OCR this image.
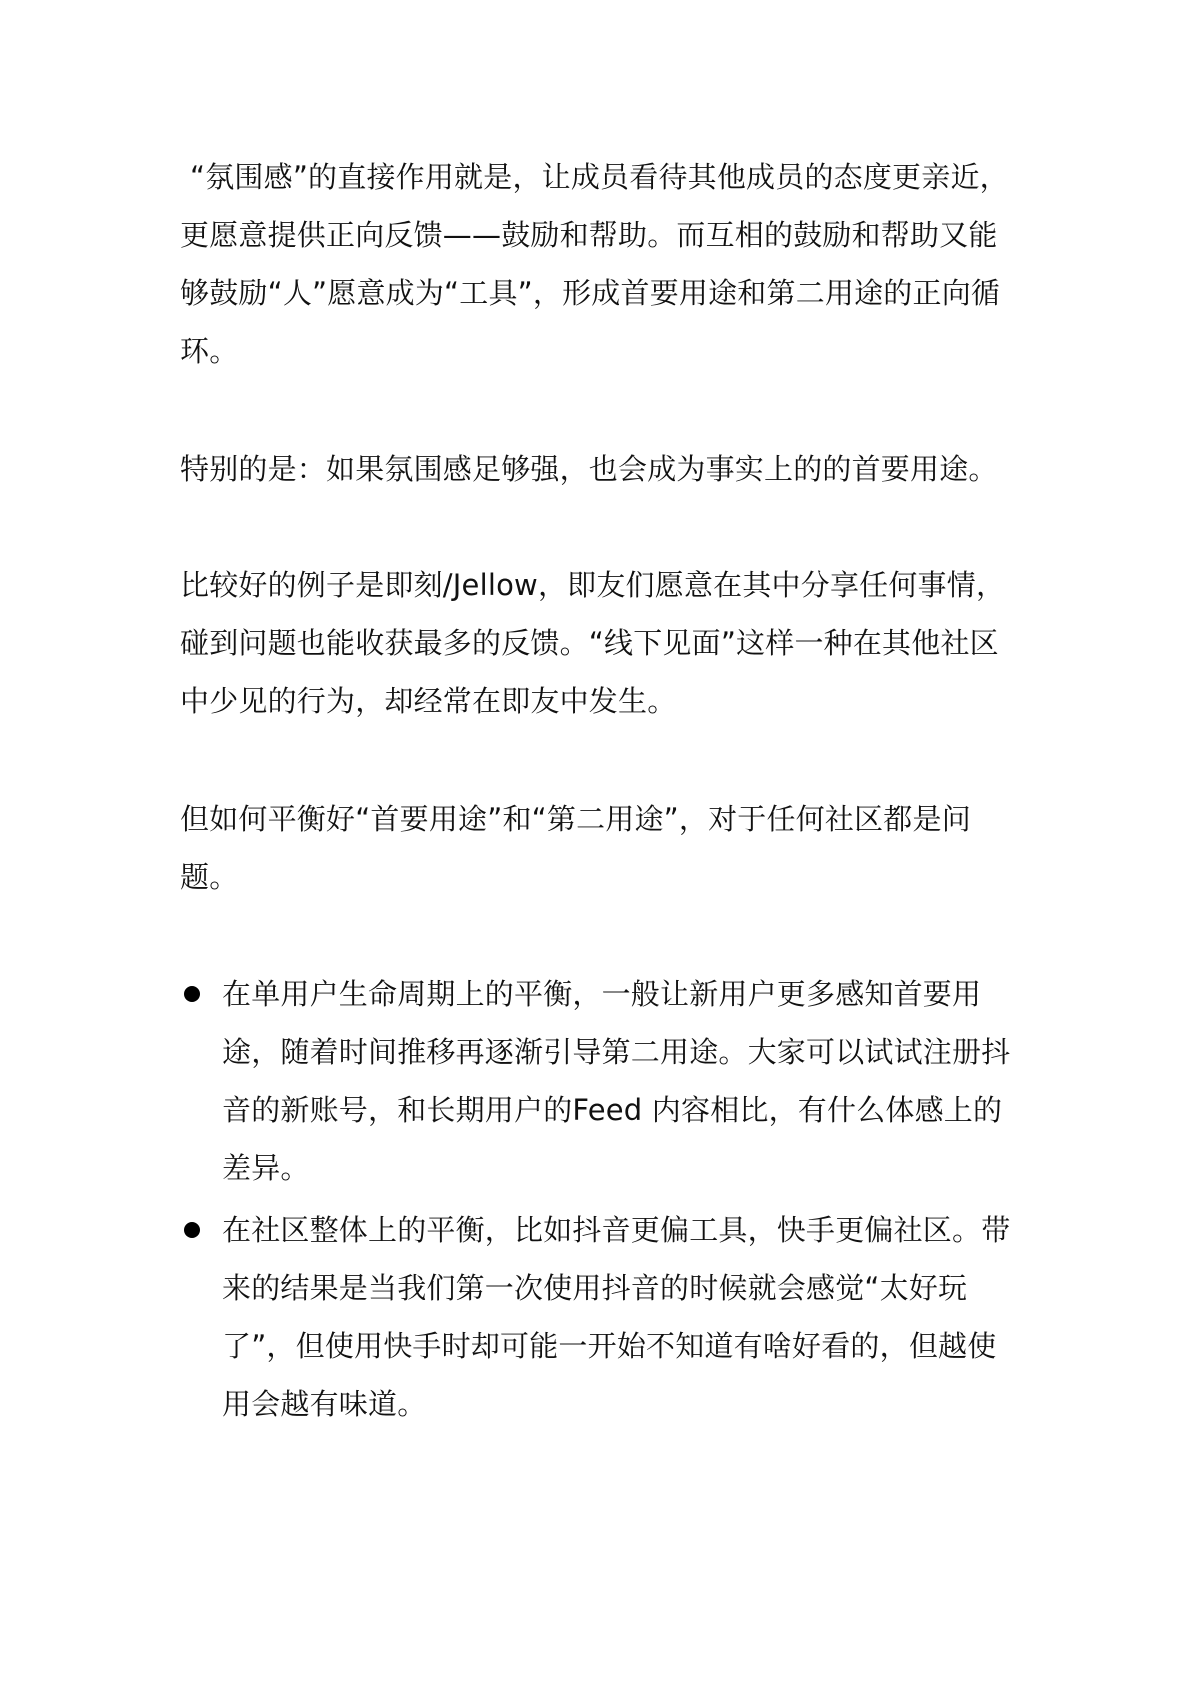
“氛围感”的直接作用就是，让成员看待其他成员的态度更亲近，更愿意提供正向反馈——鼓励和帮助。而互相的鼓励和帮助又能够鼓励“人”愿意成为“工具”，形成首要用途和第二用途的正向循环。

特别的是：如果氛围感足够强，也会成为事实上的的首要用途。

比较好的例子是即刻/Jellow，即友们愿意在其中分享任何事情，碰到问题也能收获最多的反馈。“线下见面”这样一种在其他社区中少见的行为，却经常在即友中发生。

但如何平衡好“首要用途”和“第二用途”，对于任何社区都是问题。

在单用户生命周期上的平衡，一般让新用户更多感知首要用途，随着时间推移再逐渐引导第二用途。大家可以试试注册抖音的新账号，和长期用户的Feed 内容相比，有什么体感上的差异。
在社区整体上的平衡，比如抖音更偏工具，快手更偏社区。带来的结果是当我们第一次使用抖音的时候就会感觉“太好玩了”，但使用快手时却可能一开始不知道有啥好看的，但越使用会越有味道。
